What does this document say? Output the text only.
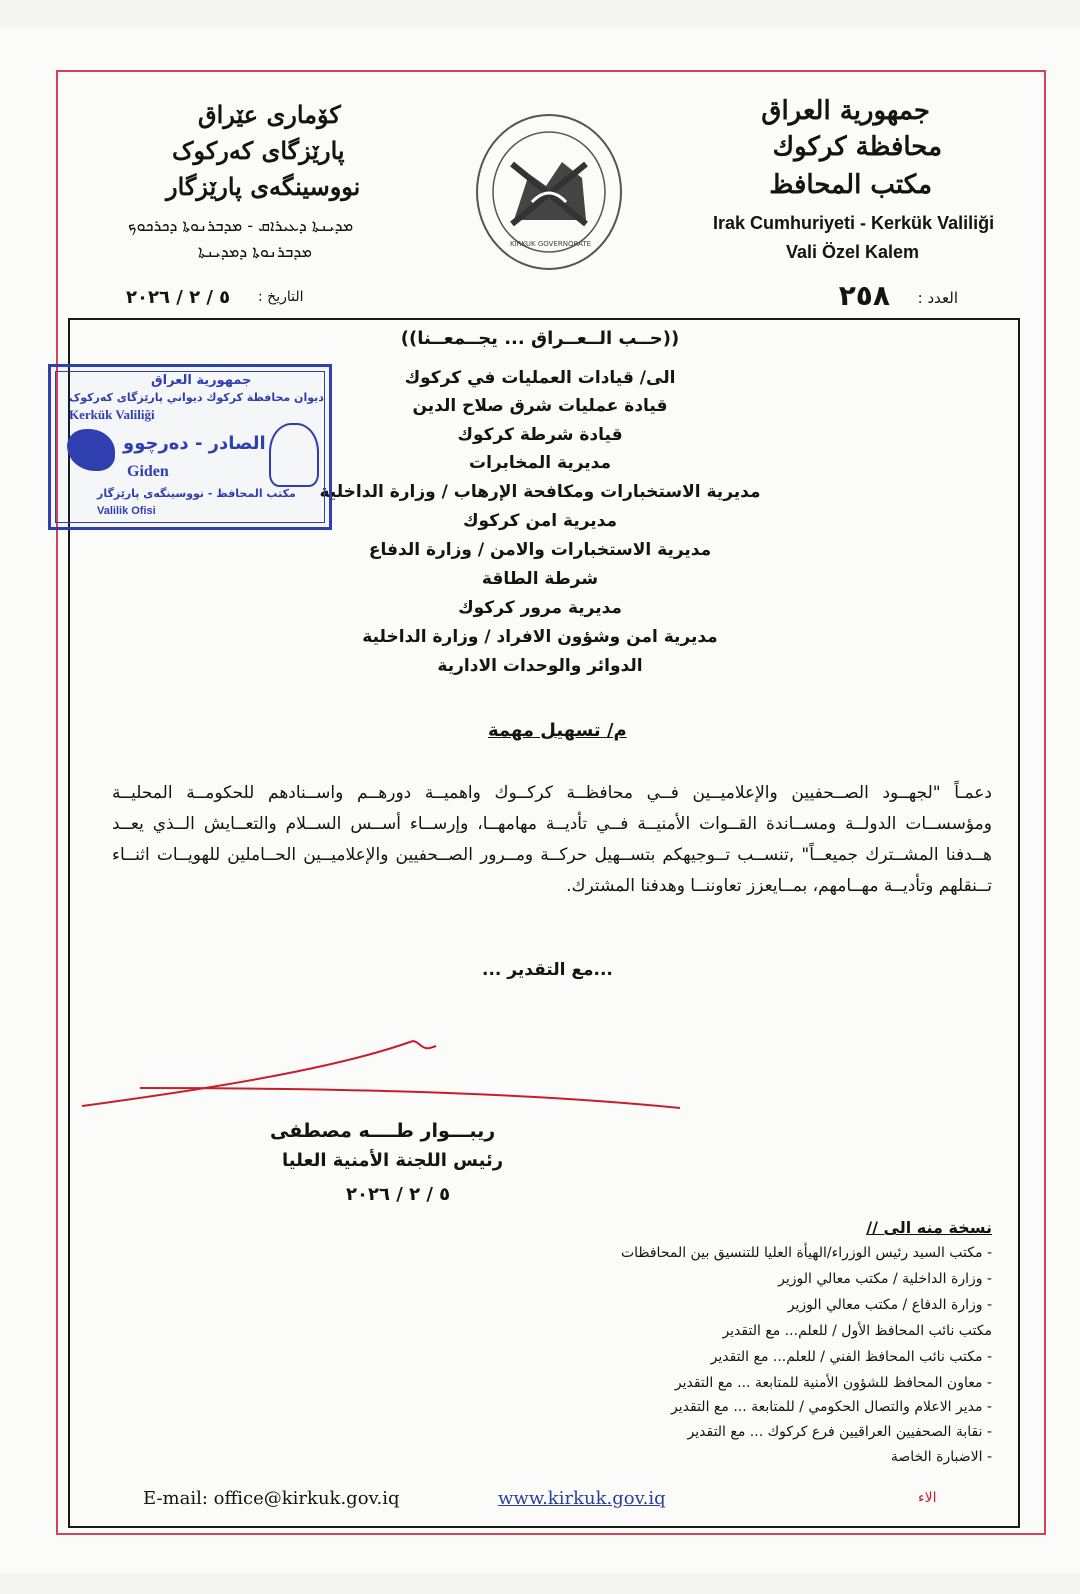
جمهورية العراق
محافظة كركوك
مكتب المحافظ
Irak Cumhuriyeti - Kerkük Valiliği
Vali Özel Kalem
کۆماری عێراق
پارێزگای کەرکوک
نووسینگەی پارێزگار
ܡܕܝܢܬܐ ܕܥܝܪܐܩ - ܡܕܒܪܢܘܬܐ ܕܟܪܟܘܟ
ܡܕܒܪܢܘܬܐ ܕܡܕܝܢܬܐ	KIRKUK GOVERNORATE
العدد :
٢٥٨
التاريخ :
٥ / ٢ / ٢٠٢٦
((حــب الــعــراق ... يجــمعــنا))
الى/ قيادات العمليات في كركوك
قيادة عمليات شرق صلاح الدين
قيادة شرطة كركوك
مديرية المخابرات
مديرية الاستخبارات ومكافحة الإرهاب / وزارة الداخلية
مديرية امن كركوك
مديرية الاستخبارات والامن / وزارة الدفاع
شرطة الطاقة
مديرية مرور كركوك
مديرية امن وشؤون الافراد / وزارة الداخلية
الدوائر والوحدات الادارية
جمهورية العراق
ديوان محافظة كركوك ديواني پارێزگای کەرکوک
Kerkük Valiliği
الصادر - دەرچوو
Giden
مكتب المحافظ - نووسینگەی پارێزگار
Valilik Ofisi
م/ تسهيل مهمة
دعمـاً "لجهــود الصــحفيين والإعلاميــين فــي محافظــة كركــوك واهميــة دورهــم واســنادهم للحكومــة المحليــة ومؤسســات الدولــة ومســاندة القــوات الأمنيــة فــي تأديــة مهامهــا، وإرســاء أســس الســلام والتعــايش الــذي يعــد هــدفنا المشــترك جميعــاً" ,تنســب تــوجيهكم بتســهيل حركــة ومــرور الصــحفيين والإعلاميــين الحــاملين للهويــات اثنــاء تــنقلهم وتأديــة مهــامهم، بمــايعزز تعاوننــا وهدفنا المشترك.
...مع التقدير ...
ريبـــوار طــــه مصطفى
رئيس اللجنة الأمنية العليا
٥ / ٢ / ٢٠٢٦
نسخة منه الى //
- مكتب السيد رئيس الوزراء/الهيأة العليا للتنسيق بين المحافظات
- وزارة الداخلية / مكتب معالي الوزير
- وزارة الدفاع / مكتب معالي الوزير
مكتب نائب المحافظ الأول / للعلم... مع التقدير
- مكتب نائب المحافظ الفني / للعلم... مع التقدير
- معاون المحافظ للشؤون الأمنية للمتابعة ... مع التقدير
- مدير الاعلام والتصال الحكومي / للمتابعة ... مع التقدير
- نقابة الصحفيين العراقيين فرع كركوك ... مع التقدير
- الاضبارة الخاصة
E-mail: office@kirkuk.gov.iq	www.kirkuk.gov.iq	الاء
